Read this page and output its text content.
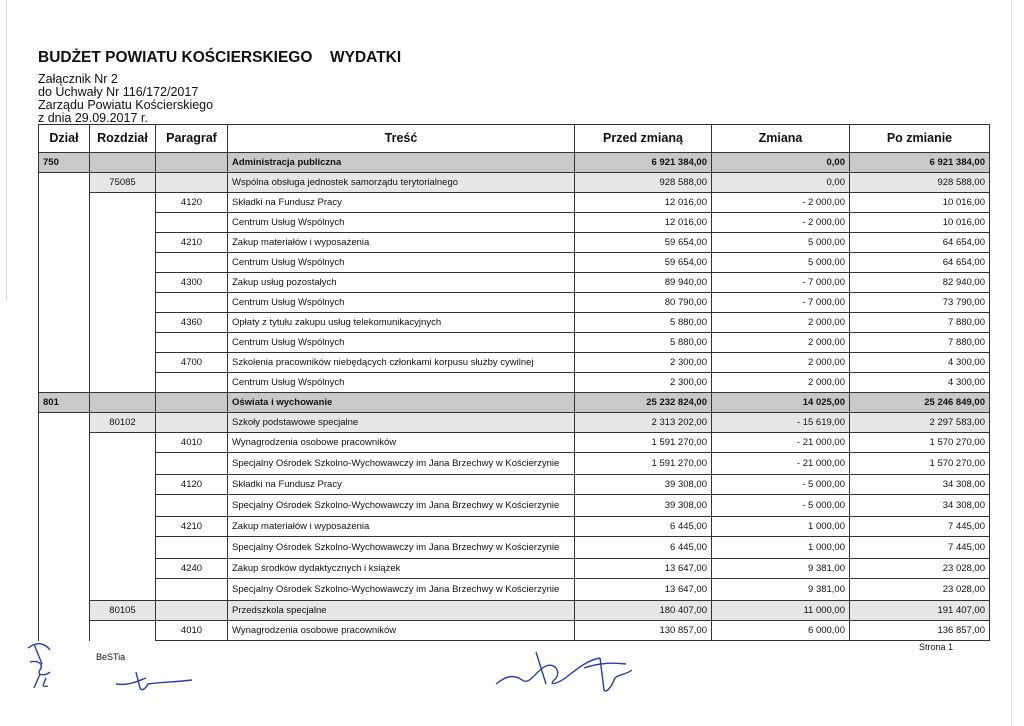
BUDŻET POWIATU KOŚCIERSKIEGO WYDATKI
Załącznik Nr 2
do Uchwały Nr 116/172/2017
Zarządu Powiatu Kościerskiego
z dnia 29.09.2017 r.
Dział	Rozdział	Paragraf	Treść	Przed zmianą	Zmiana	Po zmianie
750			Administracja publiczna	6 921 384,00	0,00	6 921 384,00
	75085		Wspólna obsługa jednostek samorządu terytorialnego	928 588,00	0,00	928 588,00
		4120	Składki na Fundusz Pracy	12 016,00	- 2 000,00	10 016,00
			Centrum Usług Wspólnych	12 016,00	- 2 000,00	10 016,00
		4210	Zakup materiałów i wyposażenia	59 654,00	5 000,00	64 654,00
			Centrum Usług Wspólnych	59 654,00	5 000,00	64 654,00
		4300	Zakup usług pozostałych	89 940,00	- 7 000,00	82 940,00
			Centrum Usług Wspólnych	80 790,00	- 7 000,00	73 790,00
		4360	Opłaty z tytułu zakupu usług telekomunikacyjnych	5 880,00	2 000,00	7 880,00
			Centrum Usług Wspólnych	5 880,00	2 000,00	7 880,00
		4700	Szkolenia pracowników niebędących członkami korpusu służby cywilnej	2 300,00	2 000,00	4 300,00
			Centrum Usług Wspólnych	2 300,00	2 000,00	4 300,00
801			Oświata i wychowanie	25 232 824,00	14 025,00	25 246 849,00
	80102		Szkoły podstawowe specjalne	2 313 202,00	- 15 619,00	2 297 583,00
		4010	Wynagrodzenia osobowe pracowników	1 591 270,00	- 21 000,00	1 570 270,00
			Specjalny Ośrodek Szkolno-Wychowawczy im Jana Brzechwy w Kościerzynie	1 591 270,00	- 21 000,00	1 570 270,00
		4120	Składki na Fundusz Pracy	39 308,00	- 5 000,00	34 308,00
			Specjalny Ośrodek Szkolno-Wychowawczy im Jana Brzechwy w Kościerzynie	39 308,00	- 5 000,00	34 308,00
		4210	Zakup materiałów i wyposażenia	6 445,00	1 000,00	7 445,00
			Specjalny Ośrodek Szkolno-Wychowawczy im Jana Brzechwy w Kościerzynie	6 445,00	1 000,00	7 445,00
		4240	Zakup środków dydaktycznych i książek	13 647,00	9 381,00	23 028,00
			Specjalny Ośrodek Szkolno-Wychowawczy im Jana Brzechwy w Kościerzynie	13 647,00	9 381,00	23 028,00
	80105		Przedszkola specjalne	180 407,00	11 000,00	191 407,00
		4010	Wynagrodzenia osobowe pracowników	130 857,00	6 000,00	136 857,00
BeSTia
Strona 1
